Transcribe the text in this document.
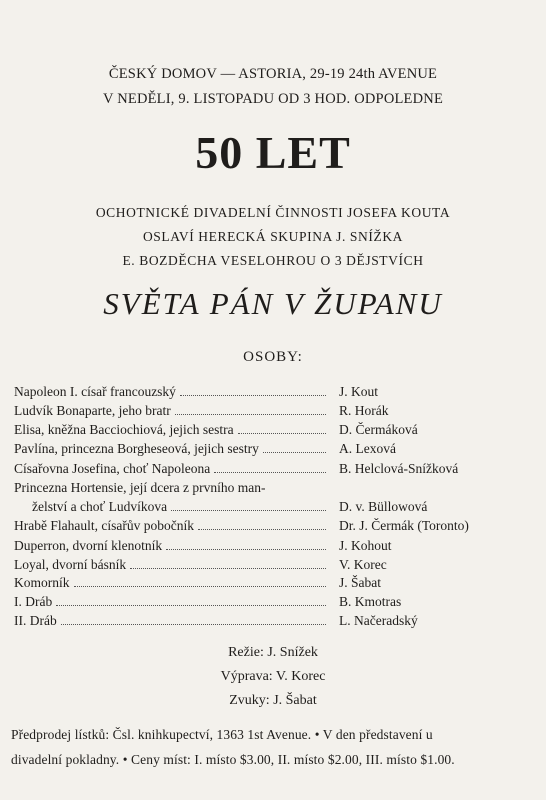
ČESKÝ DOMOV — ASTORIA, 29-19 24th AVENUE
V NEDĚLI, 9. LISTOPADU OD 3 HOD. ODPOLEDNE
50 LET
OCHOTNICKÉ DIVADELNÍ ČINNOSTI JOSEFA KOUTA
OSLAVÍ HERECKÁ SKUPINA J. SNÍŽKA
E. BOZDĚCHA VESELOHROU O 3 DĚJSTVÍCH
SVĚTA PÁN V ŽUPANU
OSOBY:
Napoleon I. císař francouzský	J. Kout
Ludvík Bonaparte, jeho bratr	R. Horák
Elisa, kněžna Bacciochiová, jejich sestra	D. Čermáková
Pavlína, princezna Borgheseová, jejich sestry	A. Lexová
Císařovna Josefina, choť Napoleona	B. Helclová-Snížková
Princezna Hortensie, její dcera z prvního man-
želství a choť Ludvíkova	D. v. Büllowová
Hrabě Flahault, císařův pobočník	Dr. J. Čermák (Toronto)
Duperron, dvorní klenotník	J. Kohout
Loyal, dvorní básník	V. Korec
Komorník	J. Šabat
I. Dráb	B. Kmotras
II. Dráb	L. Načeradský
Režie: J. Snížek
Výprava: V. Korec
Zvuky: J. Šabat
Předprodej lístků: Čsl. knihkupectví, 1363 1st Avenue. • V den představení u
divadelní pokladny. • Ceny míst: I. místo $3.00, II. místo $2.00, III. místo $1.00.
